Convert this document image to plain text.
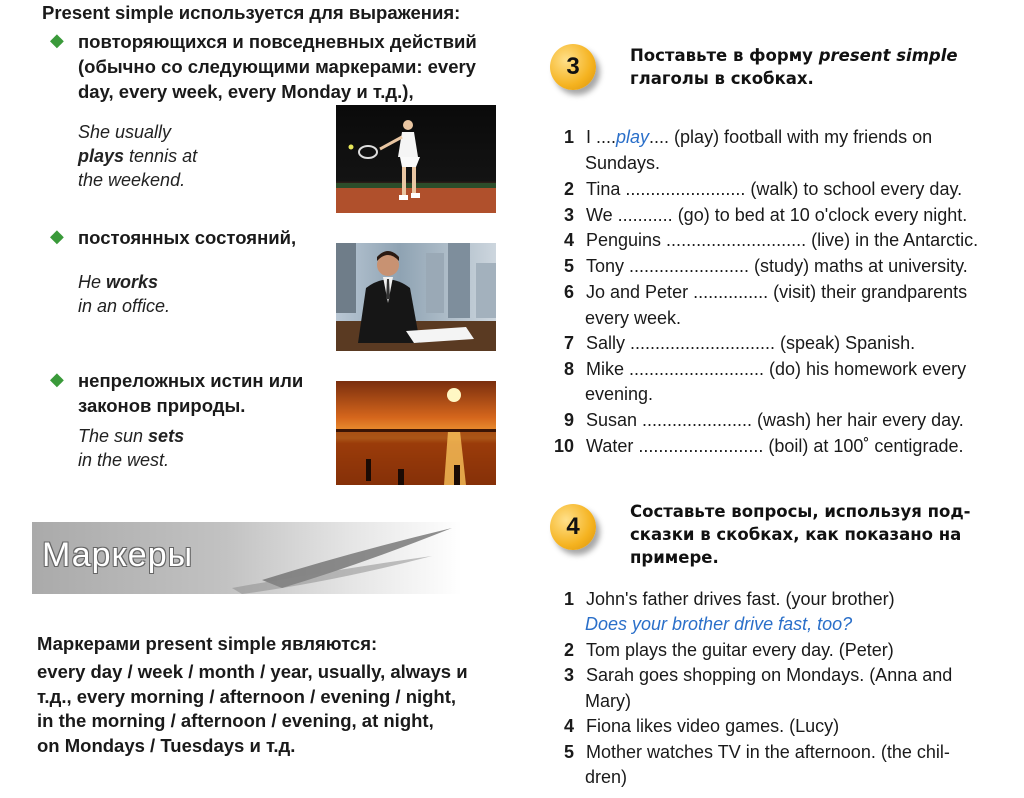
Present simple используется для выражения:
◆ повторяющихся и повседневных действий
(обычно со следующими маркерами: every
day, every week, every Monday и т.д.),
She usually
plays tennis at
the weekend.
◆ постоянных состояний,
He works
in an office.
◆ непреложных истин или
законов природы.
The sun sets
in the west.
Маркеры
Маркерами present simple являются:
every day / week / month / year, usually, always и
т.д., every morning / afternoon / evening / night,
in the morning / afternoon / evening, at night,
on Mondays / Tuesdays и т.д.
3	Поставьте в форму present simple
глаголы в скобках.
1 I ....play.... (play) football with my friends on
Sundays.
2 Tina ........................ (walk) to school every day.
3 We ........... (go) to bed at 10 o'clock every night.
4 Penguins ............................ (live) in the Antarctic.
5 Tony ........................ (study) maths at university.
6 Jo and Peter ............... (visit) their grandparents
every week.
7 Sally ............................. (speak) Spanish.
8 Mike ........................... (do) his homework every
evening.
9 Susan ...................... (wash) her hair every day.
10 Water ......................... (boil) at 100˚ centigrade.
4
Составьте вопросы, используя под-
сказки в скобках, как показано на
примере.
1 John's father drives fast. (your brother)
Does your brother drive fast, too?
2 Tom plays the guitar every day. (Peter)
3 Sarah goes shopping on Mondays. (Anna and
Mary)
4 Fiona likes video games. (Lucy)
5 Mother watches TV in the afternoon. (the chil-
dren)
